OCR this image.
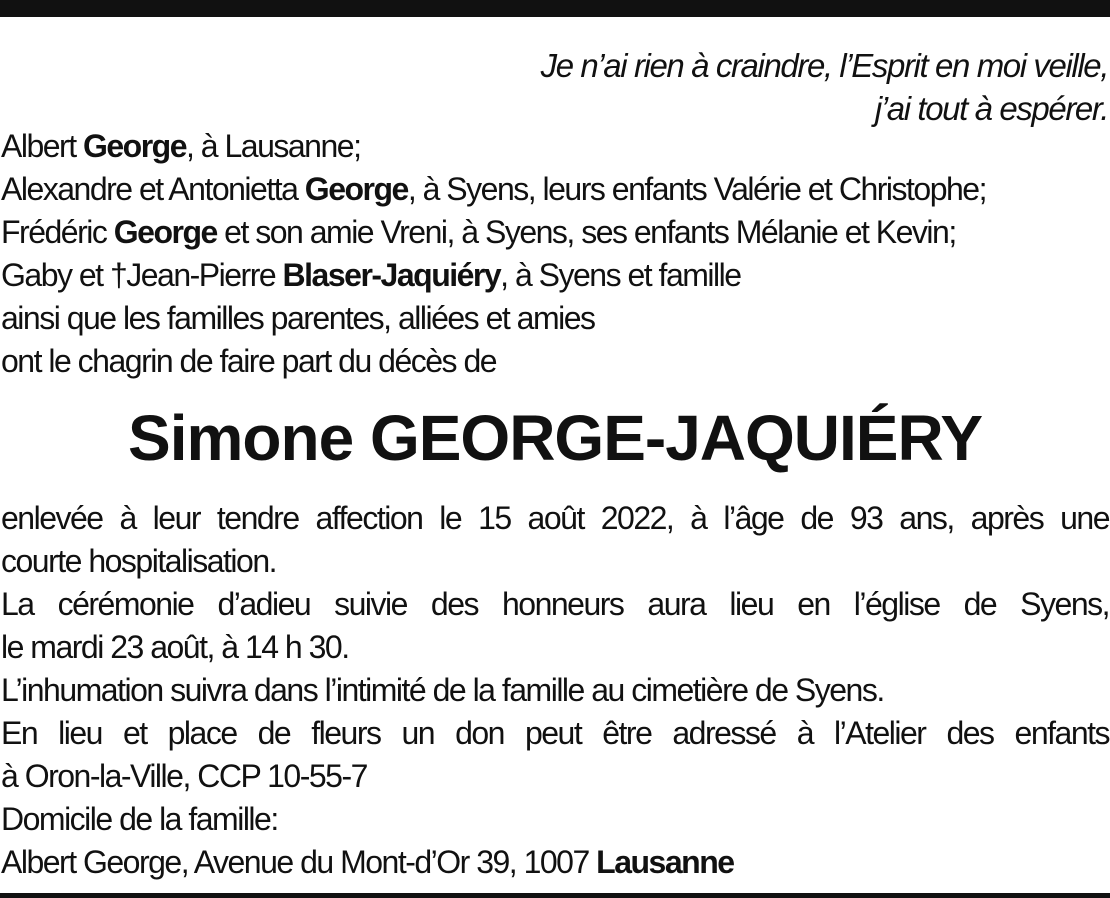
Je n’ai rien à craindre, l’Esprit en moi veille,
j’ai tout à espérer.
Albert George, à Lausanne;
Alexandre et Antonietta George, à Syens, leurs enfants Valérie et Christophe;
Frédéric George et son amie Vreni, à Syens, ses enfants Mélanie et Kevin;
Gaby et †Jean-Pierre Blaser-Jaquiéry, à Syens et famille
ainsi que les familles parentes, alliées et amies
ont le chagrin de faire part du décès de
Simone GEORGE-JAQUIÉRY
enlevée à leur tendre affection le 15 août 2022, à l’âge de 93 ans, après une
courte hospitalisation.
La cérémonie d’adieu suivie des honneurs aura lieu en l’église de Syens,
le mardi 23 août, à 14 h 30.
L’inhumation suivra dans l’intimité de la famille au cimetière de Syens.
En lieu et place de fleurs un don peut être adressé à l’Atelier des enfants
à Oron-la-Ville, CCP 10-55-7
Domicile de la famille:
Albert George, Avenue du Mont-d’Or 39, 1007 Lausanne
